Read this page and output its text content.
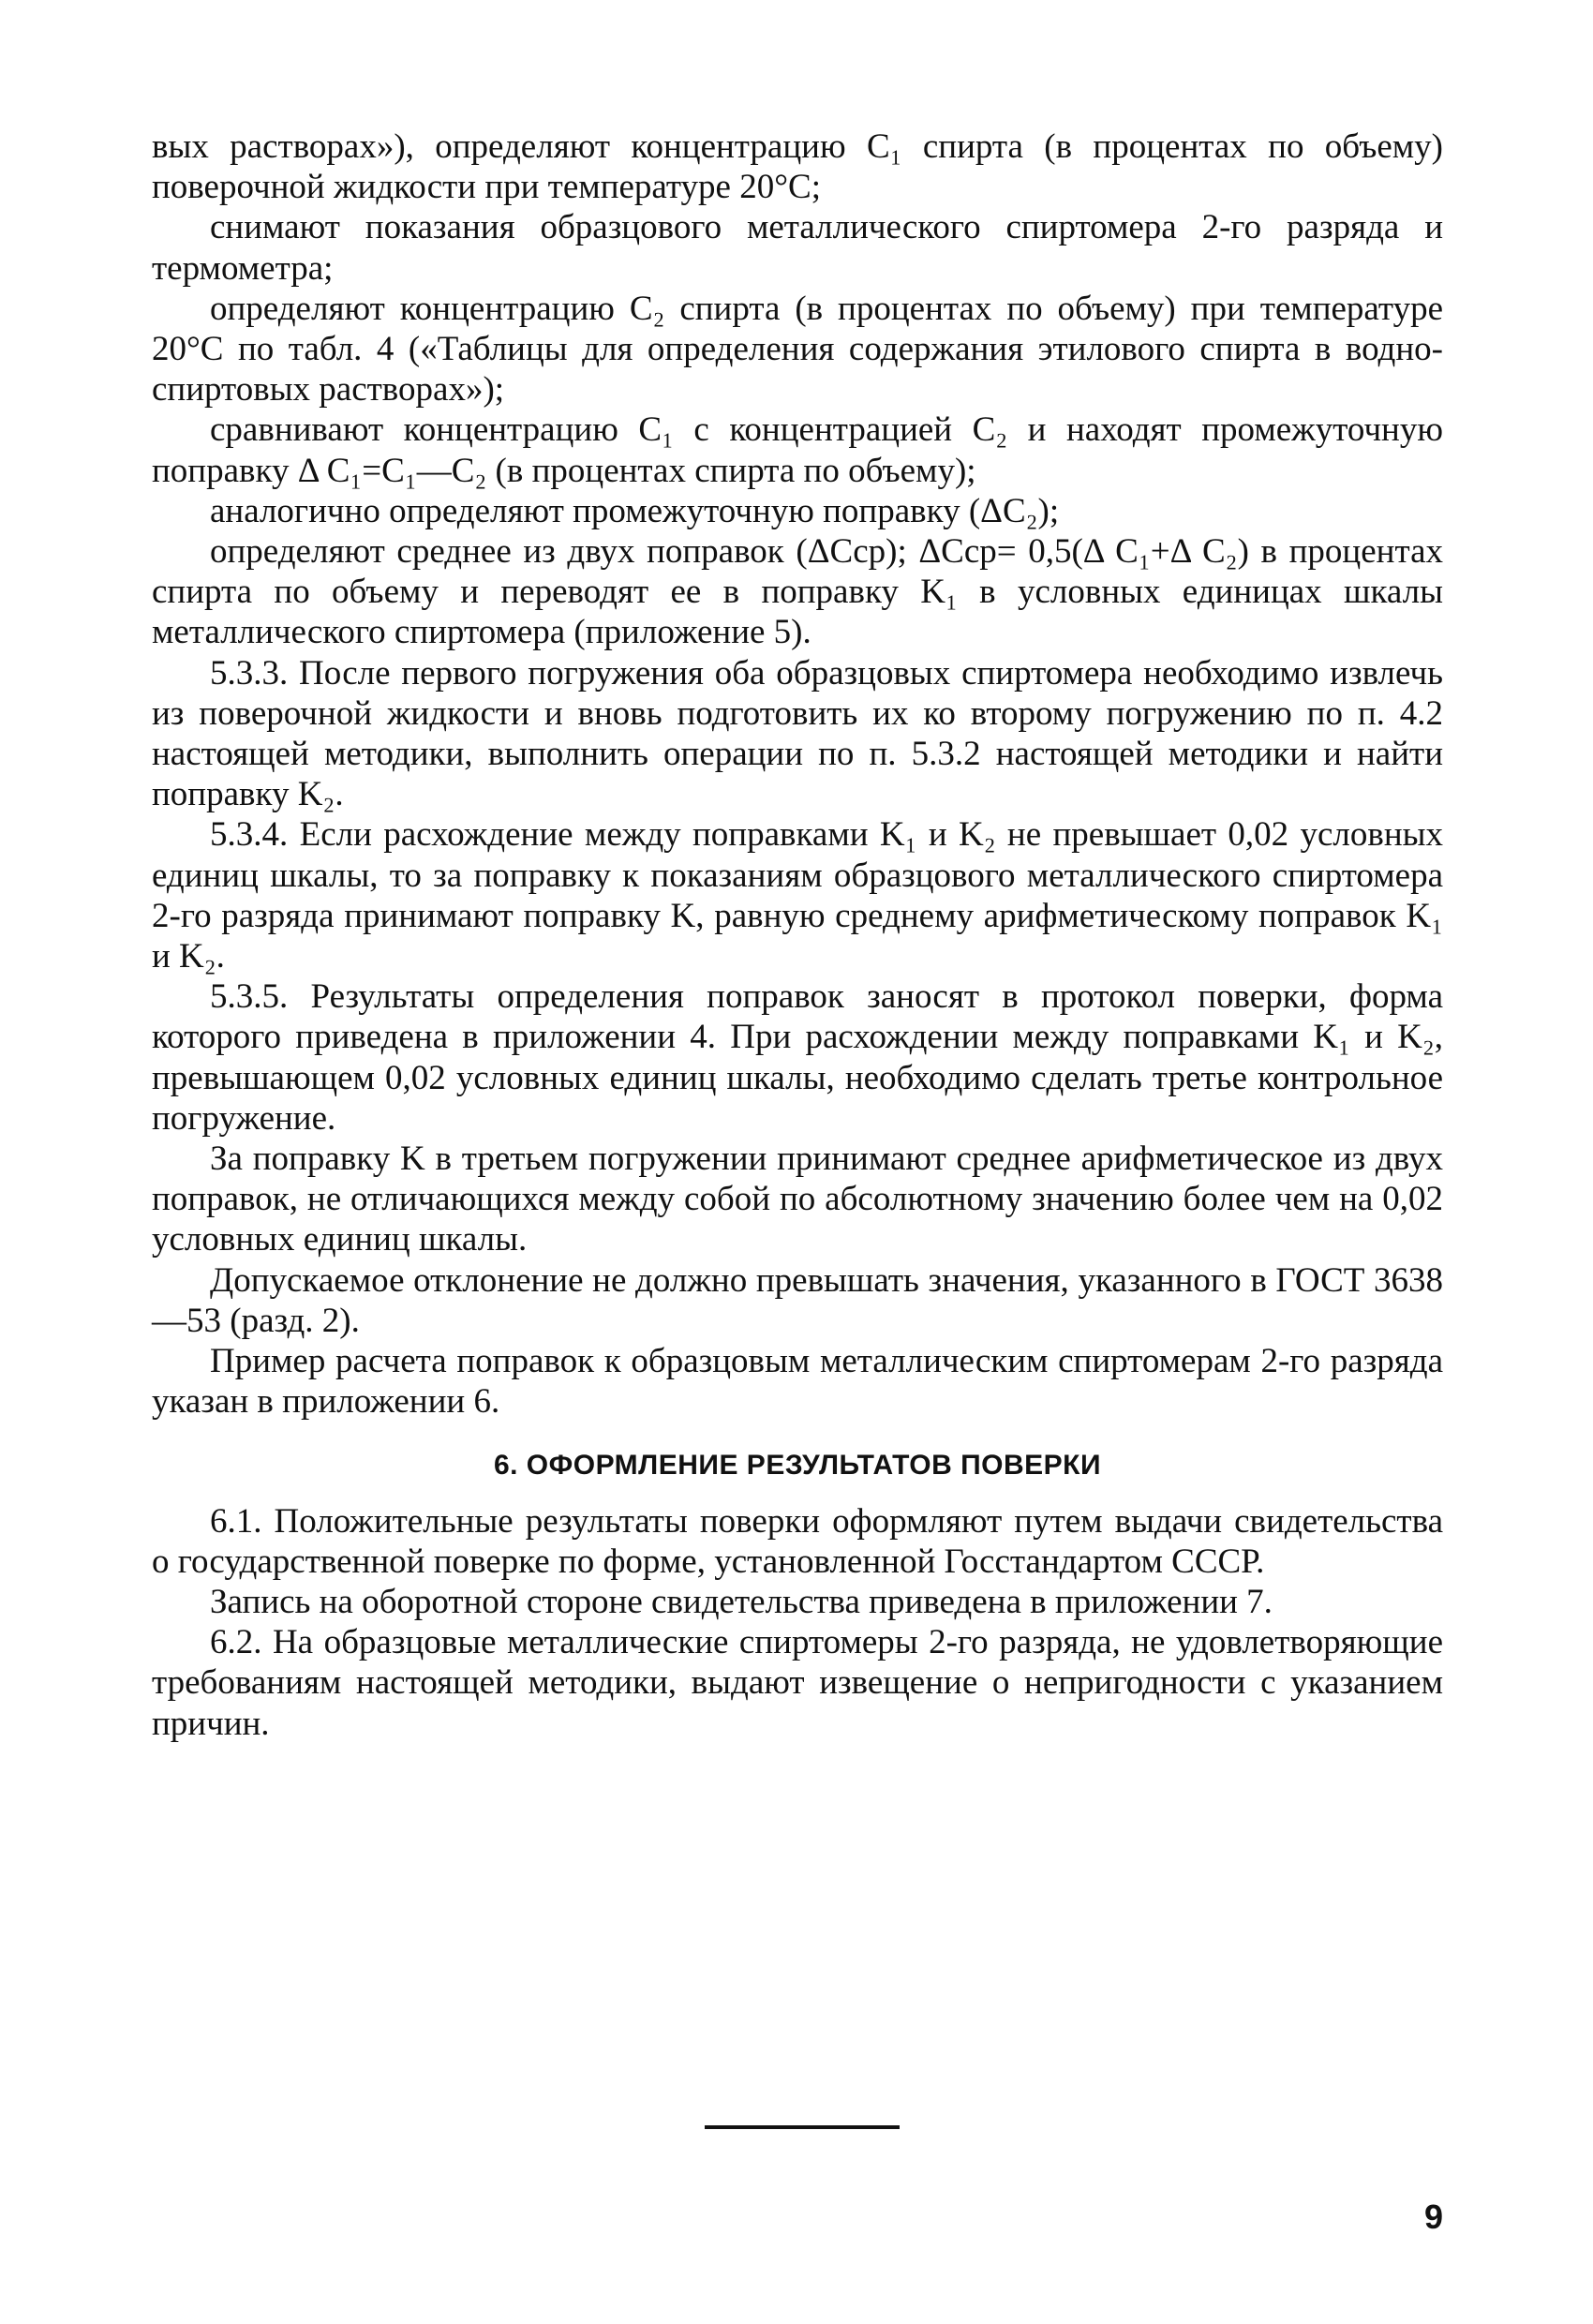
вых растворах»), определяют концентрацию C₁ спирта (в процентах по объему) поверочной жидкости при температуре 20°С;

снимают показания образцового металлического спиртомера 2-го разряда и термометра;

определяют концентрацию C₂ спирта (в процентах по объему) при температуре 20°С по табл. 4 («Таблицы для определения содержания этилового спирта в водно-спиртовых растворах»);

сравнивают концентрацию C₁ с концентрацией C₂ и находят промежуточную поправку Δ C₁=C₁—C₂ (в процентах спирта по объему);

аналогично определяют промежуточную поправку (ΔC₂);

определяют среднее из двух поправок (ΔCср); ΔCср= 0,5(Δ C₁+Δ C₂) в процентах спирта по объему и переводят ее в поправку K₁ в условных единицах шкалы металлического спиртомера (приложение 5).

5.3.3. После первого погружения оба образцовых спиртомера необходимо извлечь из поверочной жидкости и вновь подготовить их ко второму погружению по п. 4.2 настоящей методики, выполнить операции по п. 5.3.2 настоящей методики и найти поправку K₂.

5.3.4. Если расхождение между поправками K₁ и K₂ не превышает 0,02 условных единиц шкалы, то за поправку к показаниям образцового металлического спиртомера 2-го разряда принимают поправку K, равную среднему арифметическому поправок K₁ и K₂.

5.3.5. Результаты определения поправок заносят в протокол поверки, форма которого приведена в приложении 4. При расхождении между поправками K₁ и K₂, превышающем 0,02 условных единиц шкалы, необходимо сделать третье контрольное погружение.

За поправку K в третьем погружении принимают среднее арифметическое из двух поправок, не отличающихся между собой по абсолютному значению более чем на 0,02 условных единиц шкалы.

Допускаемое отклонение не должно превышать значения, указанного в ГОСТ 3638—53 (разд. 2).

Пример расчета поправок к образцовым металлическим спиртомерам 2-го разряда указан в приложении 6.

6. ОФОРМЛЕНИЕ РЕЗУЛЬТАТОВ ПОВЕРКИ

6.1. Положительные результаты поверки оформляют путем выдачи свидетельства о государственной поверке по форме, установленной Госстандартом СССР.

Запись на оборотной стороне свидетельства приведена в приложении 7.

6.2. На образцовые металлические спиртомеры 2-го разряда, не удовлетворяющие требованиям настоящей методики, выдают извещение о непригодности с указанием причин.

9
